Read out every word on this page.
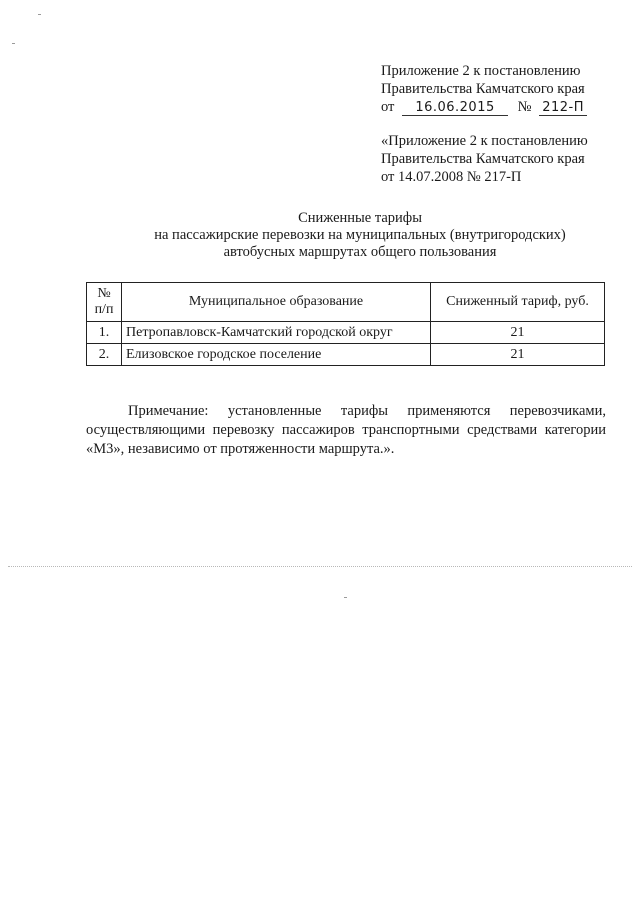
Приложение 2 к постановлению
Правительства Камчатского края
от 16.06.2015 № 212-П
«Приложение 2 к постановлению
Правительства Камчатского края
от 14.07.2008 № 217-П
Сниженные тарифы
на пассажирские перевозки на муниципальных (внутригородских)
автобусных маршрутах общего пользования
№
п/п	Муниципальное образование	Сниженный тариф, руб.
1.	Петропавловск-Камчатский городской округ	21
2.	Елизовское городское поселение	21
Примечание: установленные тарифы применяются перевозчиками, осуществляющими перевозку пассажиров транспортными средствами категории «М3», независимо от протяженности маршрута.».
